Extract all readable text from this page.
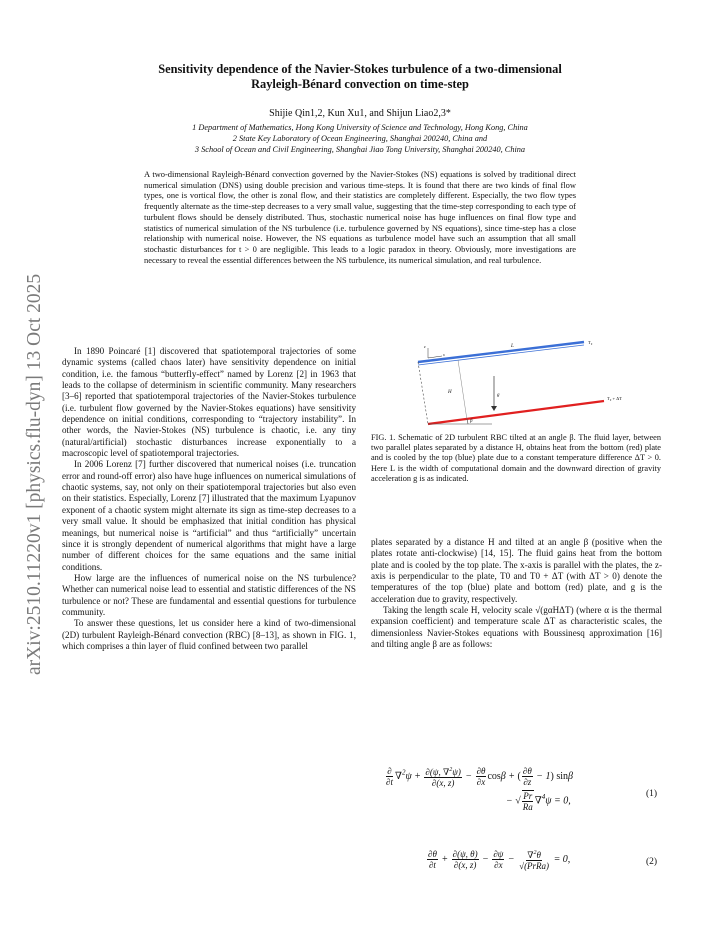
arXiv:2510.11220v1 [physics.flu-dyn] 13 Oct 2025
Sensitivity dependence of the Navier-Stokes turbulence of a two-dimensional
Rayleigh-Bénard convection on time-step
Shijie Qin1,2, Kun Xu1, and Shijun Liao2,3*
1 Department of Mathematics, Hong Kong University of Science and Technology, Hong Kong, China
2 State Key Laboratory of Ocean Engineering, Shanghai 200240, China and
3 School of Ocean and Civil Engineering, Shanghai Jiao Tong University, Shanghai 200240, China
A two-dimensional Rayleigh-Bénard convection governed by the Navier-Stokes (NS) equations is solved by traditional direct numerical simulation (DNS) using double precision and various time-steps. It is found that there are two kinds of final flow types, one is vortical flow, the other is zonal flow, and their statistics are completely different. Especially, the two flow types frequently alternate as the time-step decreases to a very small value, suggesting that the time-step corresponding to each type of turbulent flows should be densely distributed. Thus, stochastic numerical noise has huge influences on final flow type and statistics of numerical simulation of the NS turbulence (i.e. turbulence governed by NS equations), since time-step has a close relationship with numerical noise. However, the NS equations as turbulence model have such an assumption that all small stochastic disturbances for t > 0 are negligible. This leads to a logic paradox in theory. Obviously, more investigations are necessary to reveal the essential differences between the NS turbulence, its numerical simulation, and real turbulence.

In 1890 Poincaré [1] discovered that spatiotemporal trajectories of some dynamic systems (called chaos later) have sensitivity dependence on initial condition, i.e. the famous “butterfly-effect” named by Lorenz [2] in 1963 that leads to the collapse of determinism in scientific community. Many researchers [3–6] reported that spatiotemporal trajectories of the Navier-Stokes turbulence (i.e. turbulent flow governed by the Navier-Stokes equations) have sensitivity dependence on initial conditions, corresponding to “trajectory instability”. In other words, the Navier-Stokes (NS) turbulence is chaotic, i.e. any tiny (natural/artificial) stochastic disturbances increase exponentially to a macroscopic level of spatiotemporal trajectories.

In 2006 Lorenz [7] further discovered that numerical noises (i.e. truncation error and round-off error) also have huge influences on numerical simulations of chaotic systems, say, not only on their spatiotemporal trajectories but also even on their statistics. Especially, Lorenz [7] illustrated that the maximum Lyapunov exponent of a chaotic system might alternate its sign as time-step decreases to a very small value. It should be emphasized that initial condition has physical meanings, but numerical noise is “artificial” and thus “artificially” uncertain since it is strongly dependent of numerical algorithms that might have a large number of different choices for the same equations and the same initial conditions.

How large are the influences of numerical noise on the NS turbulence? Whether can numerical noise lead to essential and statistic differences of the NS turbulence or not? These are fundamental and essential questions for turbulence community.

To answer these questions, let us consider here a kind of two-dimensional (2D) turbulent Rayleigh-Bénard convection (RBC) [8–13], as shown in FIG. 1, which comprises a thin layer of fluid confined between two parallel

L
T₀
T₀ + ΔT
H
g
β
z
x
FIG. 1. Schematic of 2D turbulent RBC tilted at an angle β. The fluid layer, between two parallel plates separated by a distance H, obtains heat from the bottom (red) plate and is cooled by the top (blue) plate due to a constant temperature difference ΔT > 0. Here L is the width of computational domain and the downward direction of gravity acceleration g is as indicated.

plates separated by a distance H and tilted at an angle β (positive when the plates rotate anti-clockwise) [14, 15]. The fluid gains heat from the bottom plate and is cooled by the top plate. The x-axis is parallel with the plates, the z-axis is perpendicular to the plate, T0 and T0 + ΔT (with ΔT > 0) denote the temperatures of the top (blue) plate and bottom (red) plate, and g is the acceleration due to gravity, respectively.

Taking the length scale H, velocity scale √(gαHΔT) (where α is the thermal expansion coefficient) and temperature scale ΔT as characteristic scales, the dimensionless Navier-Stokes equations with Boussinesq approximation [16] and tilting angle β are as follows:

$\frac{\partial}{\partial t} \nabla^2\psi + \frac{\partial(\psi, \nabla^2\psi)}{\partial(x, z)} - \frac{\partial\theta}{\partial x}$ cosβ + ( $\frac{\partial\theta}{\partial z} - 1$) sinβ
− √ $\frac{Pr}{Ra} \nabla^4\psi = 0$,
(1)
$\frac{\partial\theta}{\partial t} + \frac{\partial(\psi, \theta)}{\partial(x, z)} - \frac{\partial\psi}{\partial x} - \frac{\nabla^2\theta}{\text{√(PrRa)}} = 0$,	(2)
